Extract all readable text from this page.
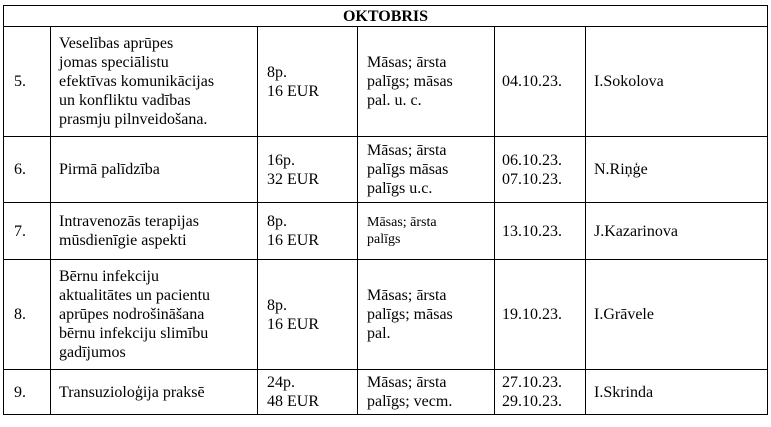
OKTOBRIS					
5.	Veselības aprūpes
jomas speciālistu
efektīvas komunikācijas
un konfliktu vadības
prasmju pilnveidošana.	8p.
16 EUR	Māsas; ārsta
palīgs; māsas
pal. u. c.	04.10.23.	I.Sokolova
6.	Pirmā palīdzība	16p.
32 EUR	Māsas; ārsta
palīgs māsas
palīgs u.c.	06.10.23.
07.10.23.	N.Riņģe
7.	Intravenozās terapijas
mūsdienīgie aspekti	8p.
16 EUR	Māsas; ārsta
palīgs	13.10.23.	J.Kazarinova
8.	Bērnu infekciju
aktualitātes un pacientu
aprūpes nodrošināšana
bērnu infekciju slimību
gadījumos	8p.
16 EUR	Māsas; ārsta
palīgs; māsas
pal.	19.10.23.	I.Grāvele
9.	Transuzioloģija praksē	24p.
48 EUR	Māsas; ārsta
palīgs; vecm.	27.10.23.
29.10.23.	I.Skrinda
